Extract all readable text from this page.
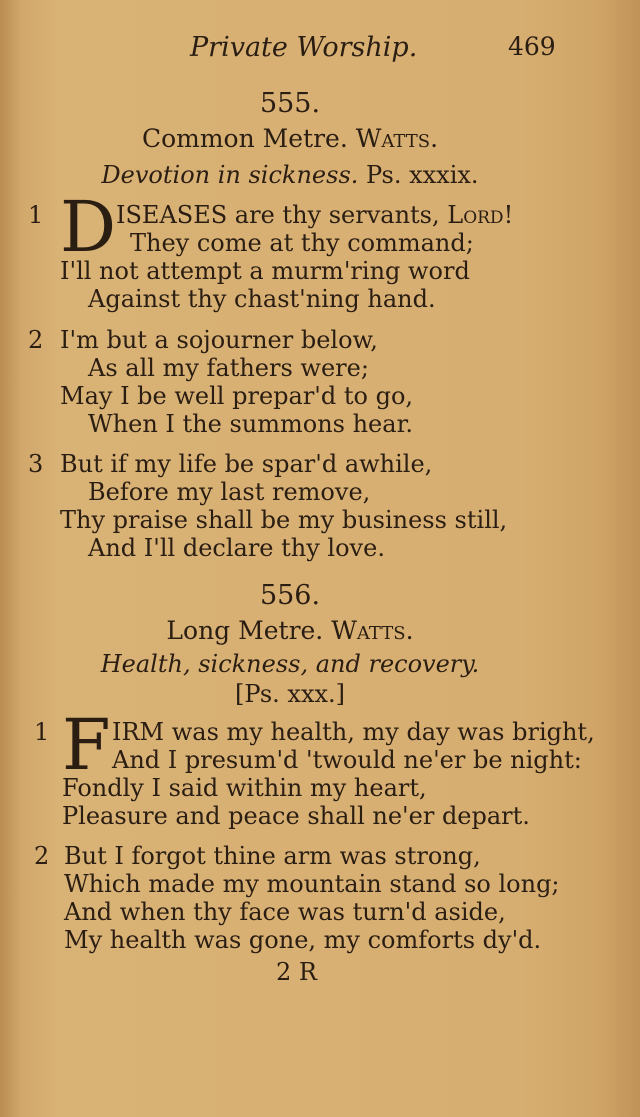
Private Worship.	469
555.
Common Metre. Watts.
Devotion in sickness. Ps. xxxix.
1 D ISEASES are thy servants, Lord!
They come at thy command;
I'll not attempt a murm'ring word
Against thy chast'ning hand.
2 I'm but a sojourner below,
As all my fathers were;
May I be well prepar'd to go,
When I the summons hear.
3 But if my life be spar'd awhile,
Before my last remove,
Thy praise shall be my business still,
And I'll declare thy love.
556.
Long Metre. Watts.
Health, sickness, and recovery.
[Ps. xxx.]
1 F IRM was my health, my day was bright,
And I presum'd 'twould ne'er be night:
Fondly I said within my heart,
Pleasure and peace shall ne'er depart.
2 But I forgot thine arm was strong,
Which made my mountain stand so long;
And when thy face was turn'd aside,
My health was gone, my comforts dy'd.
2 R
